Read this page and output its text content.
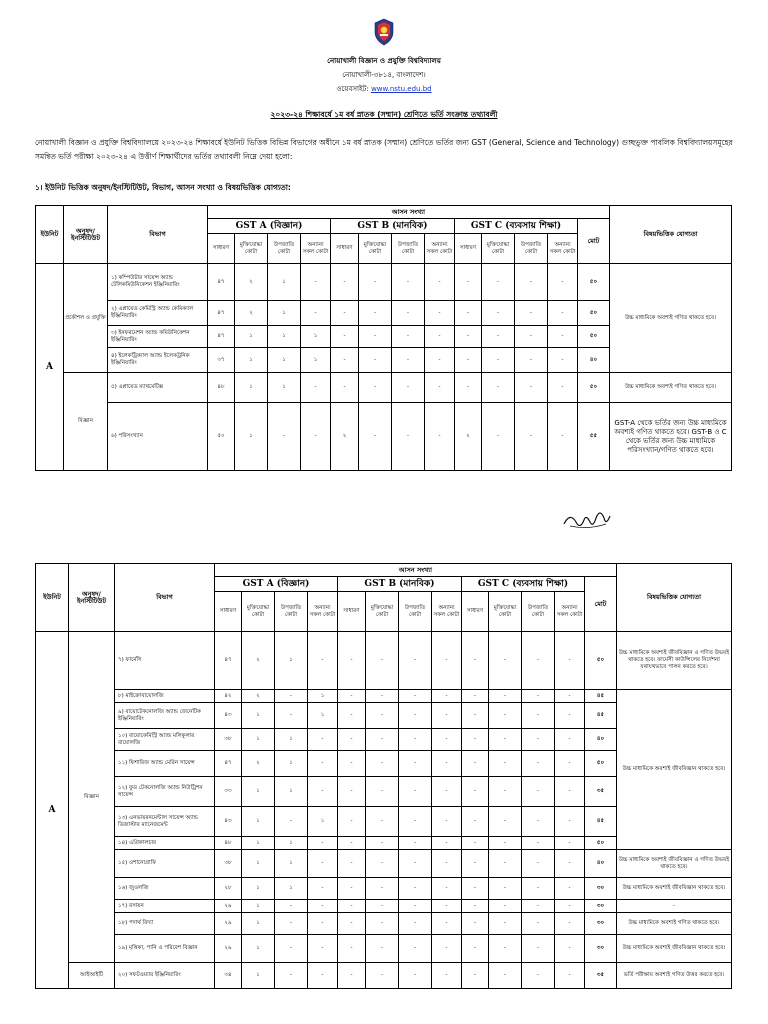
নোয়াখালী বিজ্ঞান ও প্রযুক্তি বিশ্ববিদ্যালয়
নোয়াখালী-৩৮১৪, বাংলাদেশ।
ওয়েবসাইট: www.nstu.edu.bd
২০২৩-২৪ শিক্ষাবর্ষে ১ম বর্ষ স্নাতক (সম্মান) শ্রেণিতে ভর্তি সংক্রান্ত তথ্যাবলী
নোয়াখালী বিজ্ঞান ও প্রযুক্তি বিশ্ববিদ্যালয়ে ২০২৩-২৪ শিক্ষাবর্ষে ইউনিট ভিত্তিক বিভিন্ন বিভাগের অধীনে ১ম বর্ষ স্নাতক (সম্মান) শ্রেণিতে ভর্তির জন্য GST (General, Science and Technology) গুচ্ছভুক্ত পাবলিক বিশ্ববিদ্যালয়সমূহের সমন্বিত ভর্তি পরীক্ষা ২০২৩-২৪ এ উত্তীর্ণ শিক্ষার্থীদের ভর্তির তথ্যাবলী নিম্নে দেয়া হলো:
১। ইউনিট ভিত্তিক অনুষদ/ইনস্টিটিউট, বিভাগ, আসন সংখ্যা ও বিষয়ভিত্তিক যোগ্যতা:
ইউনিট	অনুষদ/ ইনস্টিটিউট	বিভাগ	আসন সংখ্যা													বিষয়ভিত্তিক যোগ্যতা
			GST A (বিজ্ঞান)				GST B (মানবিক)				GST C (ব্যবসায় শিক্ষা)				মোট	
			সাধারণ	মুক্তিযোদ্ধা কোটা	উপজাতি কোটা	অন্যান্য সকল কোটা	সাধারণ	মুক্তিযোদ্ধা কোটা	উপজাতি কোটা	অন্যান্য সকল কোটা	সাধারণ	মুক্তিযোদ্ধা কোটা	উপজাতি কোটা	অন্যান্য সকল কোটা		
A	প্রকৌশল ও প্রযুক্তি	১) কম্পিউটার সায়েন্স অ্যান্ড টেলিকমিউনিকেশন ইঞ্জিনিয়ারিং	৪৭	২	১	-	-	-	-	-	-	-	-	-	৫০	উচ্চ মাধ্যমিকে অবশ্যই গণিত থাকতে হবে।
		২) এপ্লায়েড কেমিস্ট্রি অ্যান্ড কেমিক্যাল ইঞ্জিনিয়ারিং	৪৭	২	১	-	-	-	-	-	-	-	-	-	৫০	
		৩) ইনফরমেশন অ্যান্ড কমিউনিকেশন ইঞ্জিনিয়ারিং	৪৭	১	১	১	-	-	-	-	-	-	-	-	৫০	
		৪) ইলেকট্রিক্যাল অ্যান্ড ইলেকট্রনিক ইঞ্জিনিয়ারিং	৩৭	১	১	১	-	-	-	-	-	-	-	-	৪০	
	বিজ্ঞান	৫) এপ্লায়েড ম্যাথমেটিক্স	৪৮	১	১	-	-	-	-	-	-	-	-	-	৫০	উচ্চ মাধ্যমিকে অবশ্যই গণিত থাকতে হবে।
		৬) পরিসংখ্যান	৫০	১	-	-	২	-	-	-	২	-	-	-	৫৫	GST-A থেকে ভর্তির জন্য উচ্চ মাধ্যমিকে অবশ্যই গণিত থাকতে হবে। GST-B ও C থেকে ভর্তির জন্য উচ্চ মাধ্যমিকে পরিসংখ্যান/গণিত থাকতে হবে।
ইউনিট	অনুষদ/ ইনস্টিটিউট	বিভাগ	আসন সংখ্যা													বিষয়ভিত্তিক যোগ্যতা
			GST A (বিজ্ঞান)				GST B (মানবিক)				GST C (ব্যবসায় শিক্ষা)				মোট	
			সাধারণ	মুক্তিযোদ্ধা কোটা	উপজাতি কোটা	অন্যান্য সকল কোটা	সাধারণ	মুক্তিযোদ্ধা কোটা	উপজাতি কোটা	অন্যান্য সকল কোটা	সাধারণ	মুক্তিযোদ্ধা কোটা	উপজাতি কোটা	অন্যান্য সকল কোটা		
A	বিজ্ঞান	৭) ফার্মেসি	৪৭	২	১	-	-	-	-	-	-	-	-	-	৫০	উচ্চ মাধ্যমিকে অবশ্যই জীববিজ্ঞান ও গণিত উভয়ই থাকতে হবে। ফার্মেসী কাউন্সিলের নির্দেশনা যথাযথভাবে পালন করতে হবে।
		৮) মাইক্রোবায়োলজি	৪২	২	-	১	-	-	-	-	-	-	-	-	৪৫	উচ্চ মাধ্যমিকে অবশ্যই জীববিজ্ঞান থাকতে হবে।
		৯) বায়োটেকনোলজি অ্যান্ড জেনেটিক ইঞ্জিনিয়ারিং	৪৩	১	-	১	-	-	-	-	-	-	-	-	৪৫	
		১০) বায়োকেমিস্ট্রি অ্যান্ড মলিকুলার বায়োলজি	৩৮	১	১	-	-	-	-	-	-	-	-	-	৪০	
		১১) ফিশারিজ অ্যান্ড মেরিন সায়েন্স	৪৭	২	১	-	-	-	-	-	-	-	-	-	৫০	
		১২) ফুড টেকনোলজি অ্যান্ড নিউট্রিশন সায়েন্স	৩৩	১	১	-	-	-	-	-	-	-	-	-	৩৫	
		১৩) এনভায়রনমেন্টাল সায়েন্স অ্যান্ড ডিজাস্টার ম্যানেজমেন্ট	৪৩	১	-	১	-	-	-	-	-	-	-	-	৪৫	
		১৪) এগ্রিকালচার	৪৮	১	১	-	-	-	-	-	-	-	-	-	৫০	
		১৫) ওশানোগ্রাফি	৩৮	১	১	-	-	-	-	-	-	-	-	-	৪০	উচ্চ মাধ্যমিকে অবশ্যই জীববিজ্ঞান ও গণিত উভয়ই থাকতে হবে।
		১৬) জুওলজি	২৮	১	১	-	-	-	-	-	-	-	-	-	৩০	উচ্চ মাধ্যমিকে অবশ্যই জীববিজ্ঞান থাকতে হবে।
		১৭) রসায়ন	২৯	১	-	-	-	-	-	-	-	-	-	-	৩০	-
		১৮) পদার্থ বিদ্যা	২৯	১	-	-	-	-	-	-	-	-	-	-	৩০	উচ্চ মাধ্যমিকে অবশ্যই গণিত থাকতে হবে।
		১৯) মৃত্তিকা, পানি ও পরিবেশ বিজ্ঞান	২৯	১	-	-	-	-	-	-	-	-	-	-	৩০	উচ্চ মাধ্যমিকে অবশ্যই জীববিজ্ঞান থাকতে হবে।
	আইআইটি	২০) সফটওয়্যার ইঞ্জিনিয়ারিং	৩৪	১	-	-	-	-	-	-	-	-	-	-	৩৫	ভর্তি পরীক্ষায় অবশ্যই গণিত উত্তর করতে হবে।
